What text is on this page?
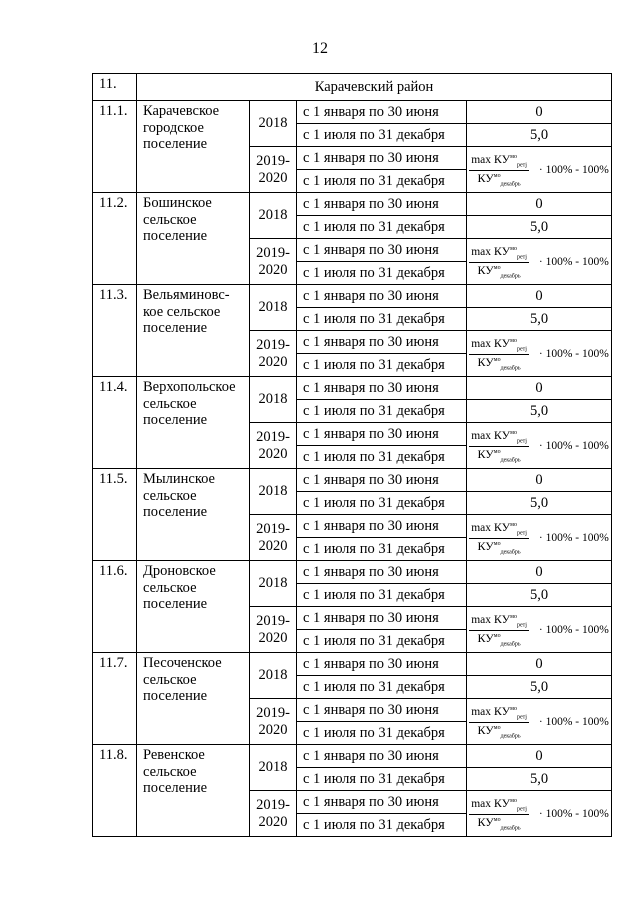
12
11.	Карачевский район			
11.1.	Карачевское городское поселение	2018	с 1 января по 30 июня	0
			с 1 июля по 31 декабря	5,0
		2019-2020	с 1 января по 30 июня	$\frac{\max КУ^{мо}_{ретј}}{КУ^{мо}_{декабрь}} \cdot 100\% - 100\%$

			с 1 июля по 31 декабря	
11.2.	Бошинское сельское поселение	2018	с 1 января по 30 июня	0
			с 1 июля по 31 декабря	5,0
		2019-2020	с 1 января по 30 июня	$\frac{\max КУ^{мо}_{ретј}}{КУ^{мо}_{декабрь}} \cdot 100\% - 100\%$

			с 1 июля по 31 декабря	
11.3.	Вельяминовс-кое сельское поселение	2018	с 1 января по 30 июня	0
			с 1 июля по 31 декабря	5,0
		2019-2020	с 1 января по 30 июня	$\frac{\max КУ^{мо}_{ретј}}{КУ^{мо}_{декабрь}} \cdot 100\% - 100\%$

			с 1 июля по 31 декабря	
11.4.	Верхопольское сельское поселение	2018	с 1 января по 30 июня	0
			с 1 июля по 31 декабря	5,0
		2019-2020	с 1 января по 30 июня	$\frac{\max КУ^{мо}_{ретј}}{КУ^{мо}_{декабрь}} \cdot 100\% - 100\%$

			с 1 июля по 31 декабря	
11.5.	Мылинское сельское поселение	2018	с 1 января по 30 июня	0
			с 1 июля по 31 декабря	5,0
		2019-2020	с 1 января по 30 июня	$\frac{\max КУ^{мо}_{ретј}}{КУ^{мо}_{декабрь}} \cdot 100\% - 100\%$

			с 1 июля по 31 декабря	
11.6.	Дроновское сельское поселение	2018	с 1 января по 30 июня	0
			с 1 июля по 31 декабря	5,0
		2019-2020	с 1 января по 30 июня	$\frac{\max КУ^{мо}_{ретј}}{КУ^{мо}_{декабрь}} \cdot 100\% - 100\%$

			с 1 июля по 31 декабря	
11.7.	Песоченское сельское поселение	2018	с 1 января по 30 июня	0
			с 1 июля по 31 декабря	5,0
		2019-2020	с 1 января по 30 июня	$\frac{\max КУ^{мо}_{ретј}}{КУ^{мо}_{декабрь}} \cdot 100\% - 100\%$

			с 1 июля по 31 декабря	
11.8.	Ревенское сельское поселение	2018	с 1 января по 30 июня	0
			с 1 июля по 31 декабря	5,0
		2019-2020	с 1 января по 30 июня	$\frac{\max КУ^{мо}_{ретј}}{КУ^{мо}_{декабрь}} \cdot 100\% - 100\%$

			с 1 июля по 31 декабря	
